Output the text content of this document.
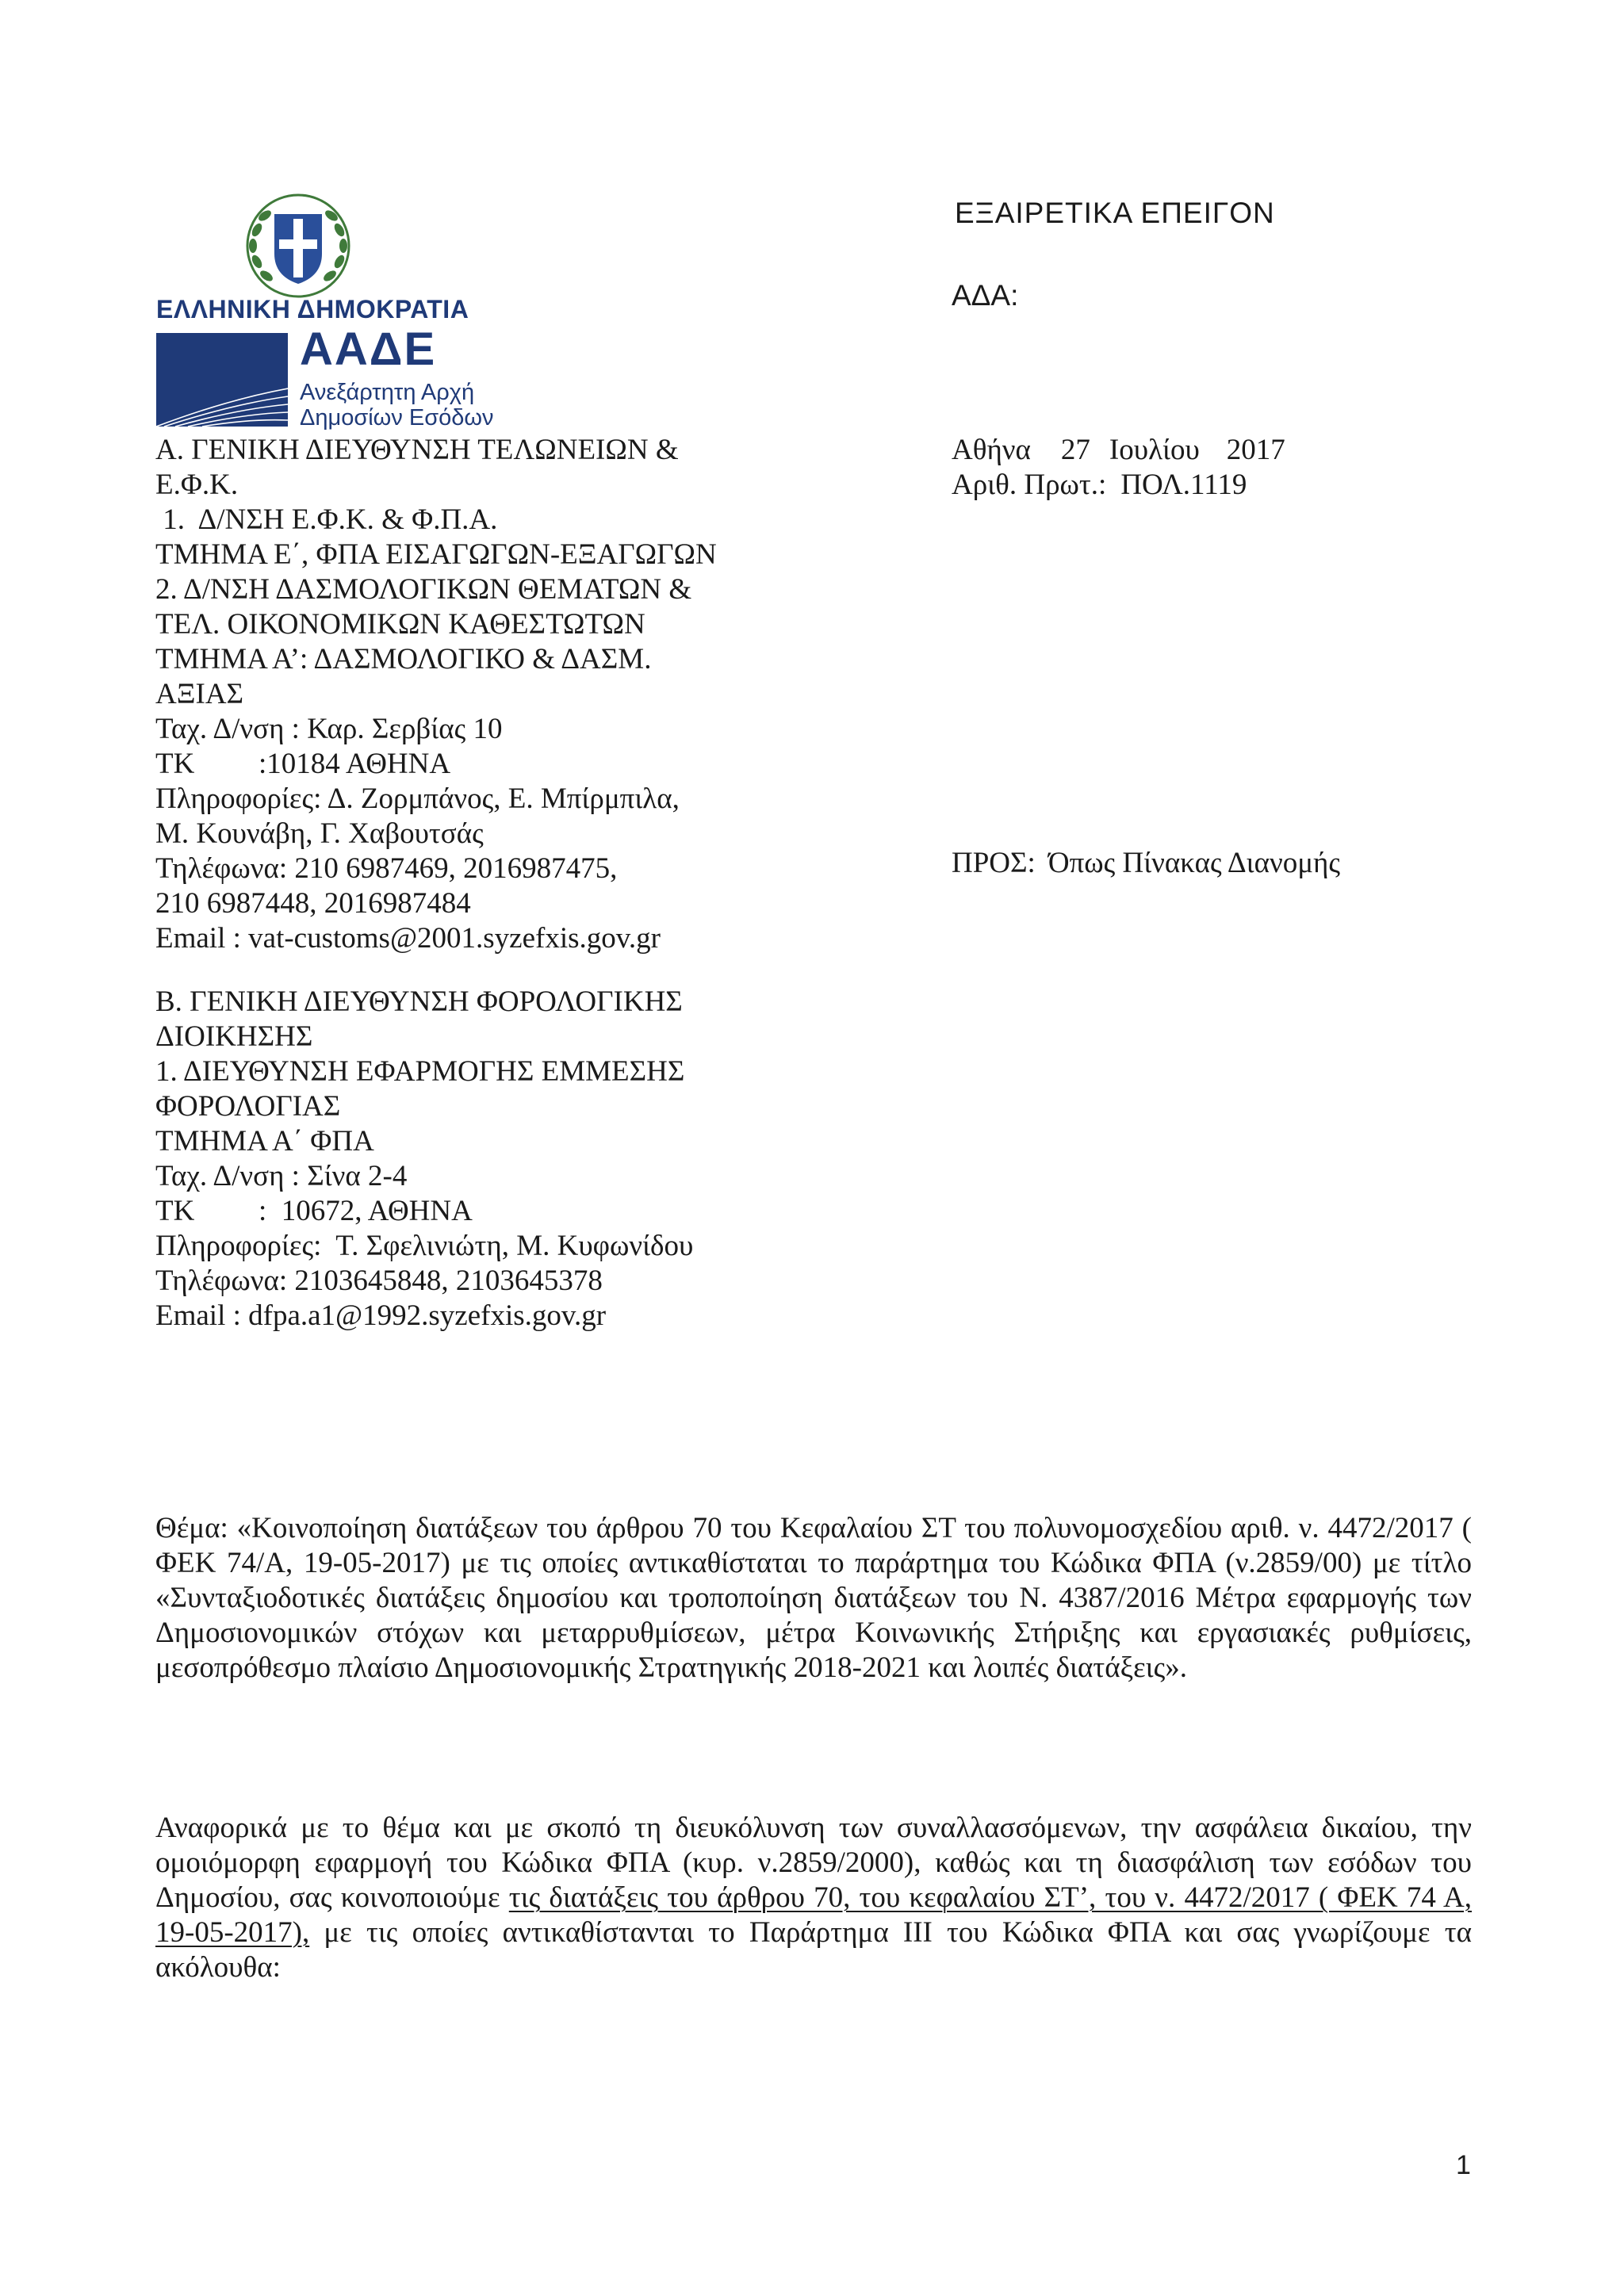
ΕΛΛΗΝΙΚΗ ΔΗΜΟΚΡΑΤΙΑ
ΑΑΔΕ
Ανεξάρτητη Αρχή
Δημοσίων Εσόδων
ΕΞΑΙΡΕΤΙΚΑ ΕΠΕΙΓΟΝ
ΑΔΑ:
Α. ΓΕΝΙΚΗ ΔΙΕΥΘΥΝΣΗ ΤΕΛΩΝΕΙΩΝ &
Ε.Φ.Κ.
1.  Δ/ΝΣΗ Ε.Φ.Κ. & Φ.Π.Α.
ΤΜΗΜΑ Ε΄, ΦΠΑ ΕΙΣΑΓΩΓΩΝ-ΕΞΑΓΩΓΩΝ
2. Δ/ΝΣΗ ΔΑΣΜΟΛΟΓΙΚΩΝ ΘΕΜΑΤΩΝ &
ΤΕΛ. ΟΙΚΟΝΟΜΙΚΩΝ ΚΑΘΕΣΤΩΤΩΝ
ΤΜΗΜΑ Α’: ΔΑΣΜΟΛΟΓΙΚΟ & ΔΑΣΜ.
ΑΞΙΑΣ
Ταχ. Δ/νση : Καρ. Σερβίας 10
ΤΚ :10184 ΑΘΗΝΑ
Πληροφορίες: Δ. Ζορμπάνος, Ε. Μπίρμπιλα,
Μ. Κουνάβη, Γ. Χαβουτσάς
Τηλέφωνα: 210 6987469, 2016987475,
210 6987448, 2016987484
Email : vat-customs@2001.syzefxis.gov.gr
Αθήνα 27 Ιουλίου 2017
Αριθ. Πρωτ.: ΠΟΛ.1119
ΠΡΟΣ: Όπως Πίνακας Διανομής
Β. ΓΕΝΙΚΗ ΔΙΕΥΘΥΝΣΗ ΦΟΡΟΛΟΓΙΚΗΣ
ΔΙΟΙΚΗΣΗΣ
1. ΔΙΕΥΘΥΝΣΗ ΕΦΑΡΜΟΓΗΣ ΕΜΜΕΣΗΣ
ΦΟΡΟΛΟΓΙΑΣ
ΤΜΗΜΑ Α΄ ΦΠΑ
Ταχ. Δ/νση : Σίνα 2-4
ΤΚ :  10672, ΑΘΗΝΑ
Πληροφορίες:  Τ. Σφελινιώτη, Μ. Κυφωνίδου
Τηλέφωνα: 2103645848, 2103645378
Email : dfpa.a1@1992.syzefxis.gov.gr
Θέμα: «Κοινοποίηση διατάξεων του άρθρου 70 του Κεφαλαίου ΣΤ του πολυνομοσχεδίου αριθ. ν. 4472/2017 ( ΦΕΚ 74/Α, 19-05-2017) με τις οποίες αντικαθίσταται το παράρτημα του Κώδικα ΦΠΑ (ν.2859/00) με τίτλο «Συνταξιοδοτικές διατάξεις δημοσίου και τροποποίηση διατάξεων του Ν. 4387/2016 Μέτρα εφαρμογής των Δημοσιονομικών στόχων και μεταρρυθμίσεων, μέτρα Κοινωνικής Στήριξης και εργασιακές ρυθμίσεις, μεσοπρόθεσμο πλαίσιο Δημοσιονομικής Στρατηγικής 2018-2021 και λοιπές διατάξεις».
Αναφορικά με το θέμα και με σκοπό τη διευκόλυνση των συναλλασσόμενων, την ασφάλεια δικαίου, την ομοιόμορφη εφαρμογή του Κώδικα ΦΠΑ (κυρ. ν.2859/2000), καθώς και τη διασφάλιση των εσόδων του Δημοσίου, σας κοινοποιούμε τις διατάξεις του άρθρου 70, του κεφαλαίου ΣΤ’, του ν. 4472/2017 ( ΦΕΚ 74 Α, 19-05-2017), με τις οποίες αντικαθίστανται το Παράρτημα ΙΙΙ του Κώδικα ΦΠΑ και σας γνωρίζουμε τα ακόλουθα:
1
